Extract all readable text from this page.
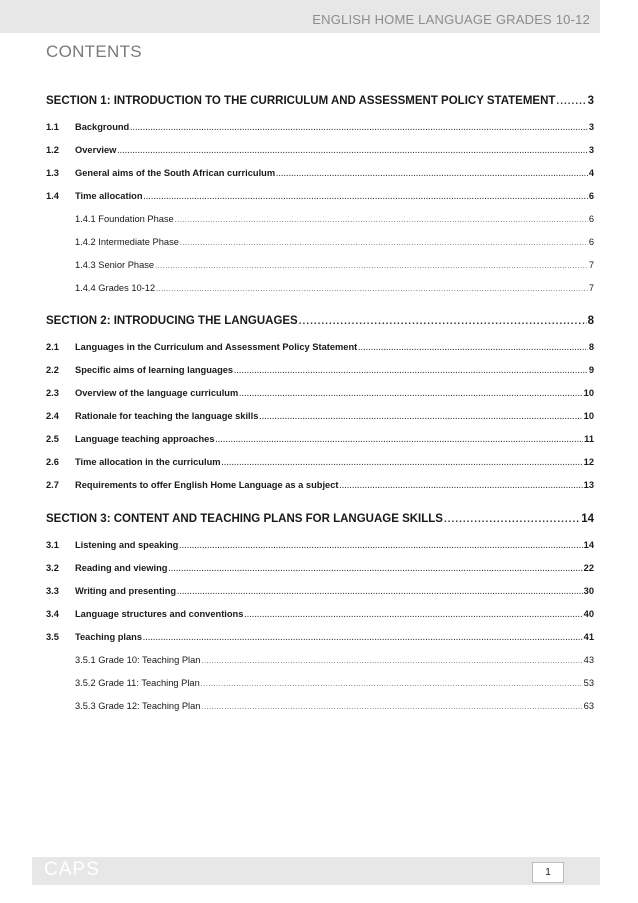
ENGLISH HOME LANGUAGE GRADES 10-12
CONTENTS
SECTION 1: INTRODUCTION TO THE CURRICULUM AND ASSESSMENT POLICY STATEMENT .....	3
1.1	Background .....	3
1.2	Overview .....	3
1.3	General aims of the South African curriculum .....	4
1.4	Time allocation .....	6
1.4.1 Foundation Phase .....	6
1.4.2 Intermediate Phase .....	6
1.4.3 Senior Phase .....	7
1.4.4 Grades 10-12 .....	7
SECTION 2: INTRODUCING THE LANGUAGES .....	8
2.1	Languages in the Curriculum and Assessment Policy Statement .....	8
2.2	Specific aims of learning languages .....	9
2.3	Overview of the language curriculum .....	10
2.4	Rationale for teaching the language skills .....	10
2.5	Language teaching approaches .....	11
2.6	Time allocation in the curriculum .....	12
2.7	Requirements to offer English Home Language as a subject .....	13
SECTION 3: CONTENT AND TEACHING PLANS FOR LANGUAGE SKILLS .....	14
3.1	Listening and speaking .....	14
3.2	Reading and viewing .....	22
3.3	Writing and presenting .....	30
3.4	Language structures and conventions .....	40
3.5	Teaching plans .....	41
3.5.1 Grade 10: Teaching Plan .....	43
3.5.2 Grade 11: Teaching Plan .....	53
3.5.3 Grade 12: Teaching Plan .....	63
CAPS	1
